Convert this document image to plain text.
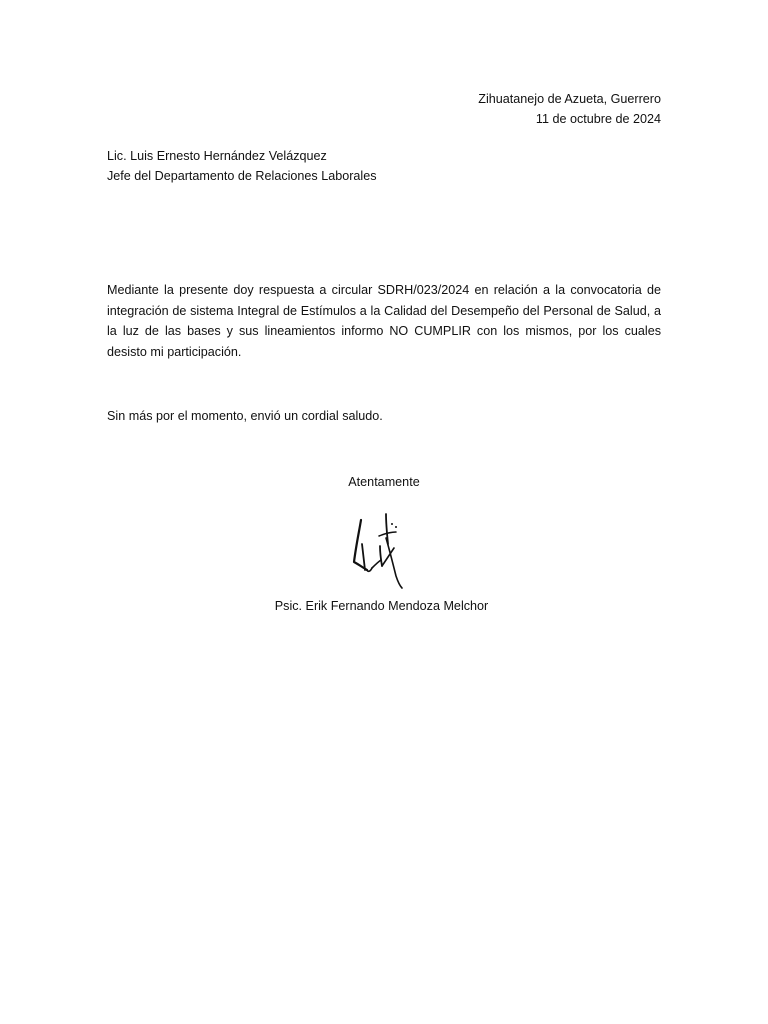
Zihuatanejo de Azueta, Guerrero
11 de octubre de 2024
Lic. Luis Ernesto Hernández Velázquez
Jefe del Departamento de Relaciones Laborales

Mediante la presente doy respuesta a circular SDRH/023/2024 en relación a la convocatoria de integración de sistema Integral de Estímulos a la Calidad del Desempeño del Personal de Salud, a la luz de las bases y sus lineamientos informo NO CUMPLIR con los mismos, por los cuales desisto mi participación.

Sin más por el momento, envió un cordial saludo.

Atentamente
Psic. Erik Fernando Mendoza Melchor
